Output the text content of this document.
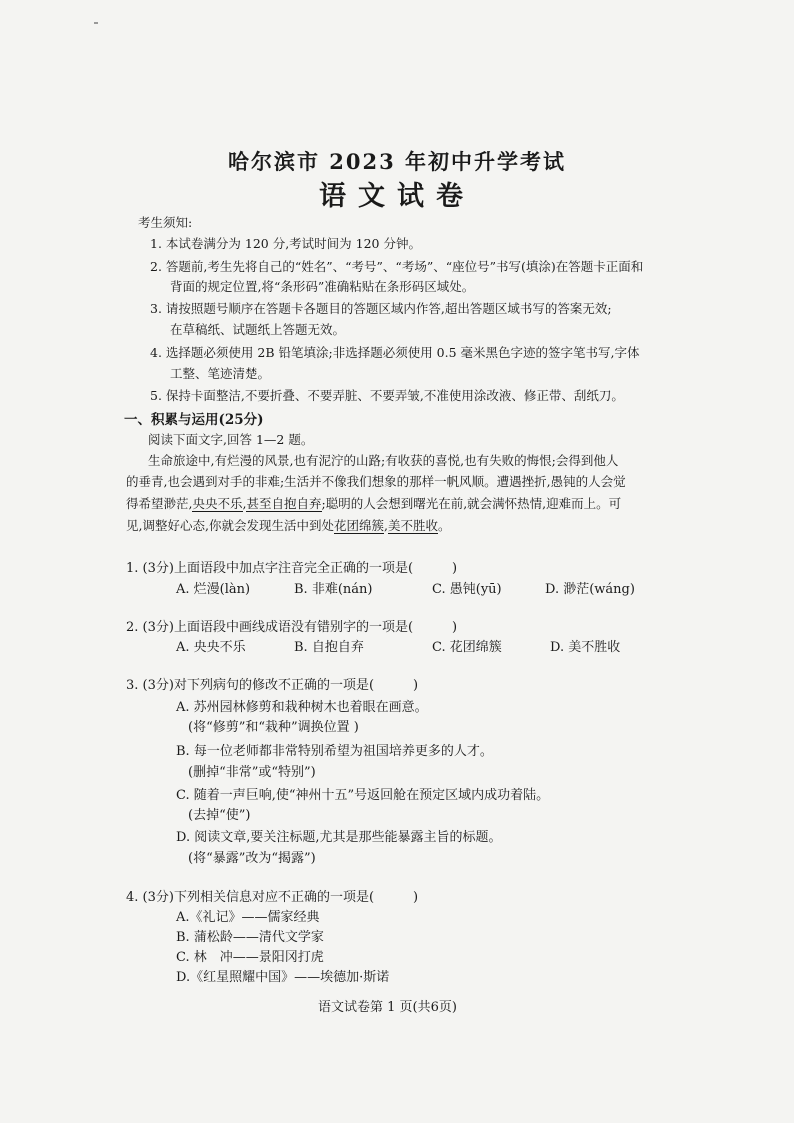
哈尔滨市 2023 年初中升学考试
语文试卷
考生须知:
1. 本试卷满分为 120 分,考试时间为 120 分钟。
2. 答题前,考生先将自己的“姓名”、“考号”、“考场”、“座位号”书写(填涂)在答题卡正面和
背面的规定位置,将“条形码”准确粘贴在条形码区域处。
3. 请按照题号顺序在答题卡各题目的答题区域内作答,超出答题区域书写的答案无效;
在草稿纸、试题纸上答题无效。
4. 选择题必须使用 2B 铅笔填涂;非选择题必须使用 0.5 毫米黑色字迹的签字笔书写,字体
工整、笔迹清楚。
5. 保持卡面整洁,不要折叠、不要弄脏、不要弄皱,不准使用涂改液、修正带、刮纸刀。
一、积累与运用(25分)
阅读下面文字,回答 1—2 题。
生命旅途中,有烂漫的风景,也有泥泞的山路;有收获的喜悦,也有失败的悔恨;会得到他人
的垂青,也会遇到对手的非难;生活并不像我们想象的那样一帆风顺。遭遇挫折,愚钝的人会觉
得希望渺茫,央央不乐,甚至自抱自弃;聪明的人会想到曙光在前,就会满怀热情,迎难而上。可
见,调整好心态,你就会发现生活中到处花团绵簇,美不胜收。
1. (3分)上面语段中加点字注音完全正确的一项是(　　　)
A. 烂漫(làn)	B. 非难(nán)	C. 愚钝(yū)	D. 渺茫(wáng)
2. (3分)上面语段中画线成语没有错别字的一项是(　　　)
A. 央央不乐	B. 自抱自弃	C. 花团绵簇	D. 美不胜收
3. (3分)对下列病句的修改不正确的一项是(　　　)
A. 苏州园林修剪和栽种树木也着眼在画意。
(将“修剪”和“栽种”调换位置 )
B. 每一位老师都非常特别希望为祖国培养更多的人才。
(删掉“非常”或“特别”)
C. 随着一声巨响,使“神州十五”号返回舱在预定区域内成功着陆。
(去掉“使”)
D. 阅读文章,要关注标题,尤其是那些能暴露主旨的标题。
(将“暴露”改为“揭露”)
4. (3分)下列相关信息对应不正确的一项是(　　　)
A.《礼记》——儒家经典
B. 蒲松龄——清代文学家
C. 林　冲——景阳冈打虎
D.《红星照耀中国》——埃德加·斯诺
语文试卷第 1 页(共6页)
